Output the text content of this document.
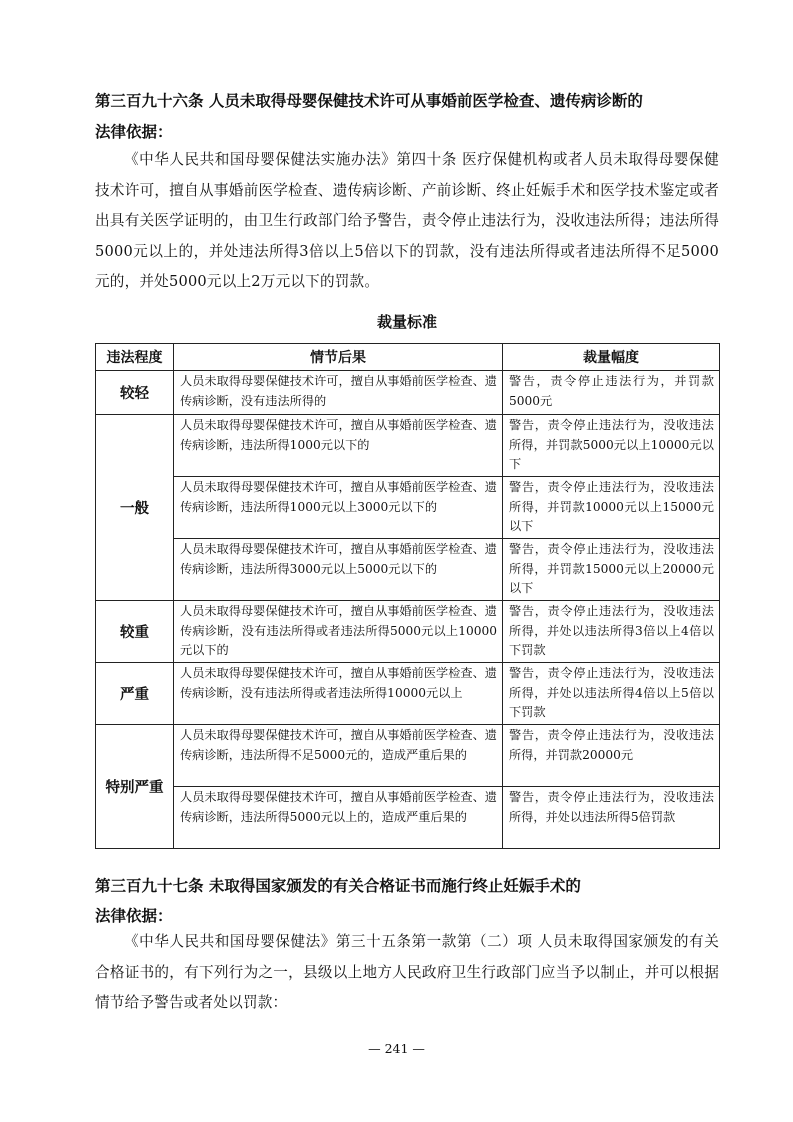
第三百九十六条 人员未取得母婴保健技术许可从事婚前医学检查、遗传病诊断的
法律依据：

《中华人民共和国母婴保健法实施办法》第四十条 医疗保健机构或者人员未取得母婴保健技术许可，擅自从事婚前医学检查、遗传病诊断、产前诊断、终止妊娠手术和医学技术鉴定或者出具有关医学证明的，由卫生行政部门给予警告，责令停止违法行为，没收违法所得；违法所得5000元以上的，并处违法所得3倍以上5倍以下的罚款，没有违法所得或者违法所得不足5000元的，并处5000元以上2万元以下的罚款。

裁量标准
违法程度	情节后果	裁量幅度
较轻	人员未取得母婴保健技术许可，擅自从事婚前医学检查、遗传病诊断，没有违法所得的	警告，责令停止违法行为，并罚款5000元
一般	人员未取得母婴保健技术许可，擅自从事婚前医学检查、遗传病诊断，违法所得1000元以下的	警告，责令停止违法行为，没收违法所得，并罚款5000元以上10000元以下
	人员未取得母婴保健技术许可，擅自从事婚前医学检查、遗传病诊断，违法所得1000元以上3000元以下的	警告，责令停止违法行为，没收违法所得，并罚款10000元以上15000元以下
	人员未取得母婴保健技术许可，擅自从事婚前医学检查、遗传病诊断，违法所得3000元以上5000元以下的	警告，责令停止违法行为，没收违法所得，并罚款15000元以上20000元以下
较重	人员未取得母婴保健技术许可，擅自从事婚前医学检查、遗传病诊断，没有违法所得或者违法所得5000元以上10000元以下的	警告，责令停止违法行为，没收违法所得，并处以违法所得3倍以上4倍以下罚款
严重	人员未取得母婴保健技术许可，擅自从事婚前医学检查、遗传病诊断，没有违法所得或者违法所得10000元以上	警告，责令停止违法行为，没收违法所得，并处以违法所得4倍以上5倍以下罚款
特别严重	人员未取得母婴保健技术许可，擅自从事婚前医学检查、遗传病诊断，违法所得不足5000元的，造成严重后果的	警告，责令停止违法行为，没收违法所得，并罚款20000元
	人员未取得母婴保健技术许可，擅自从事婚前医学检查、遗传病诊断，违法所得5000元以上的，造成严重后果的	警告，责令停止违法行为，没收违法所得，并处以违法所得5倍罚款
第三百九十七条 未取得国家颁发的有关合格证书而施行终止妊娠手术的
法律依据：

《中华人民共和国母婴保健法》第三十五条第一款第（二）项 人员未取得国家颁发的有关合格证书的，有下列行为之一，县级以上地方人民政府卫生行政部门应当予以制止，并可以根据情节给予警告或者处以罚款：

— 241 —
